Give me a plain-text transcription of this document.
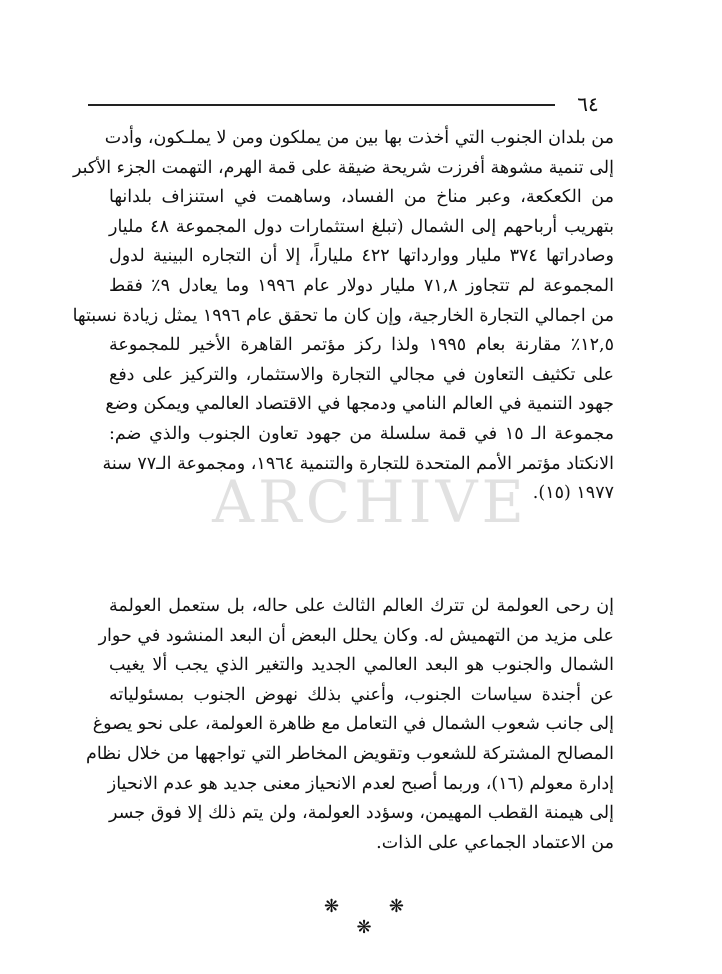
٦٤
ARCHIVE
من بلدان الجنوب التي أخذت بها بين من يملكون ومن لا يملـكون، وأدت
إلى تنمية مشوهة أفرزت شريحة ضيقة على قمة الهرم، التهمت الجزء الأكبر
من الكعكعة، وعبر مناخ من الفساد، وساهمت في استنزاف بلدانها
بتهريب أرباحهم إلى الشمال (تبلغ استثمارات دول المجموعة ٤٨ مليار
وصادراتها ٣٧٤ مليار ووارداتها ٤٢٢ ملياراً، إلا أن التجاره البينية لدول
المجموعة لم تتجاوز ٧١,٨ مليار دولار عام ١٩٩٦ وما يعادل ٩٪ فقط
من اجمالي التجارة الخارجية، وإن كان ما تحقق عام ١٩٩٦ يمثل زيادة نسبتها
١٢,٥٪ مقارنة بعام ١٩٩٥ ولذا ركز مؤتمر القاهرة الأخير للمجموعة
على تكثيف التعاون في مجالي التجارة والاستثمار، والتركيز على دفع
جهود التنمية في العالم النامي ودمجها في الاقتصاد العالمي ويمكن وضع
مجموعة الـ ١٥ في قمة سلسلة من جهود تعاون الجنوب والذي ضم:
الانكتاد مؤتمر الأمم المتحدة للتجارة والتنمية ١٩٦٤، ومجموعة الـ٧٧ سنة
١٩٧٧ (١٥).
إن رحى العولمة لن تترك العالم الثالث على حاله، بل ستعمل العولمة
على مزيد من التهميش له. وكان يحلل البعض أن البعد المنشود في حوار
الشمال والجنوب هو البعد العالمي الجديد والتغير الذي يجب ألا يغيب
عن أجندة سياسات الجنوب، وأعني بذلك نهوض الجنوب بمسئولياته
إلى جانب شعوب الشمال في التعامل مع ظاهرة العولمة، على نحو يصوغ
المصالح المشتركة للشعوب وتقويض المخاطر التي تواجهها من خلال نظام
إدارة معولم (١٦)، وربما أصبح لعدم الانحياز معنى جديد هو عدم الانحياز
إلى هيمنة القطب المهيمن، وسؤدد العولمة، ولن يتم ذلك إلا فوق جسر
من الاعتماد الجماعي على الذات.
❋ ❋ ❋
